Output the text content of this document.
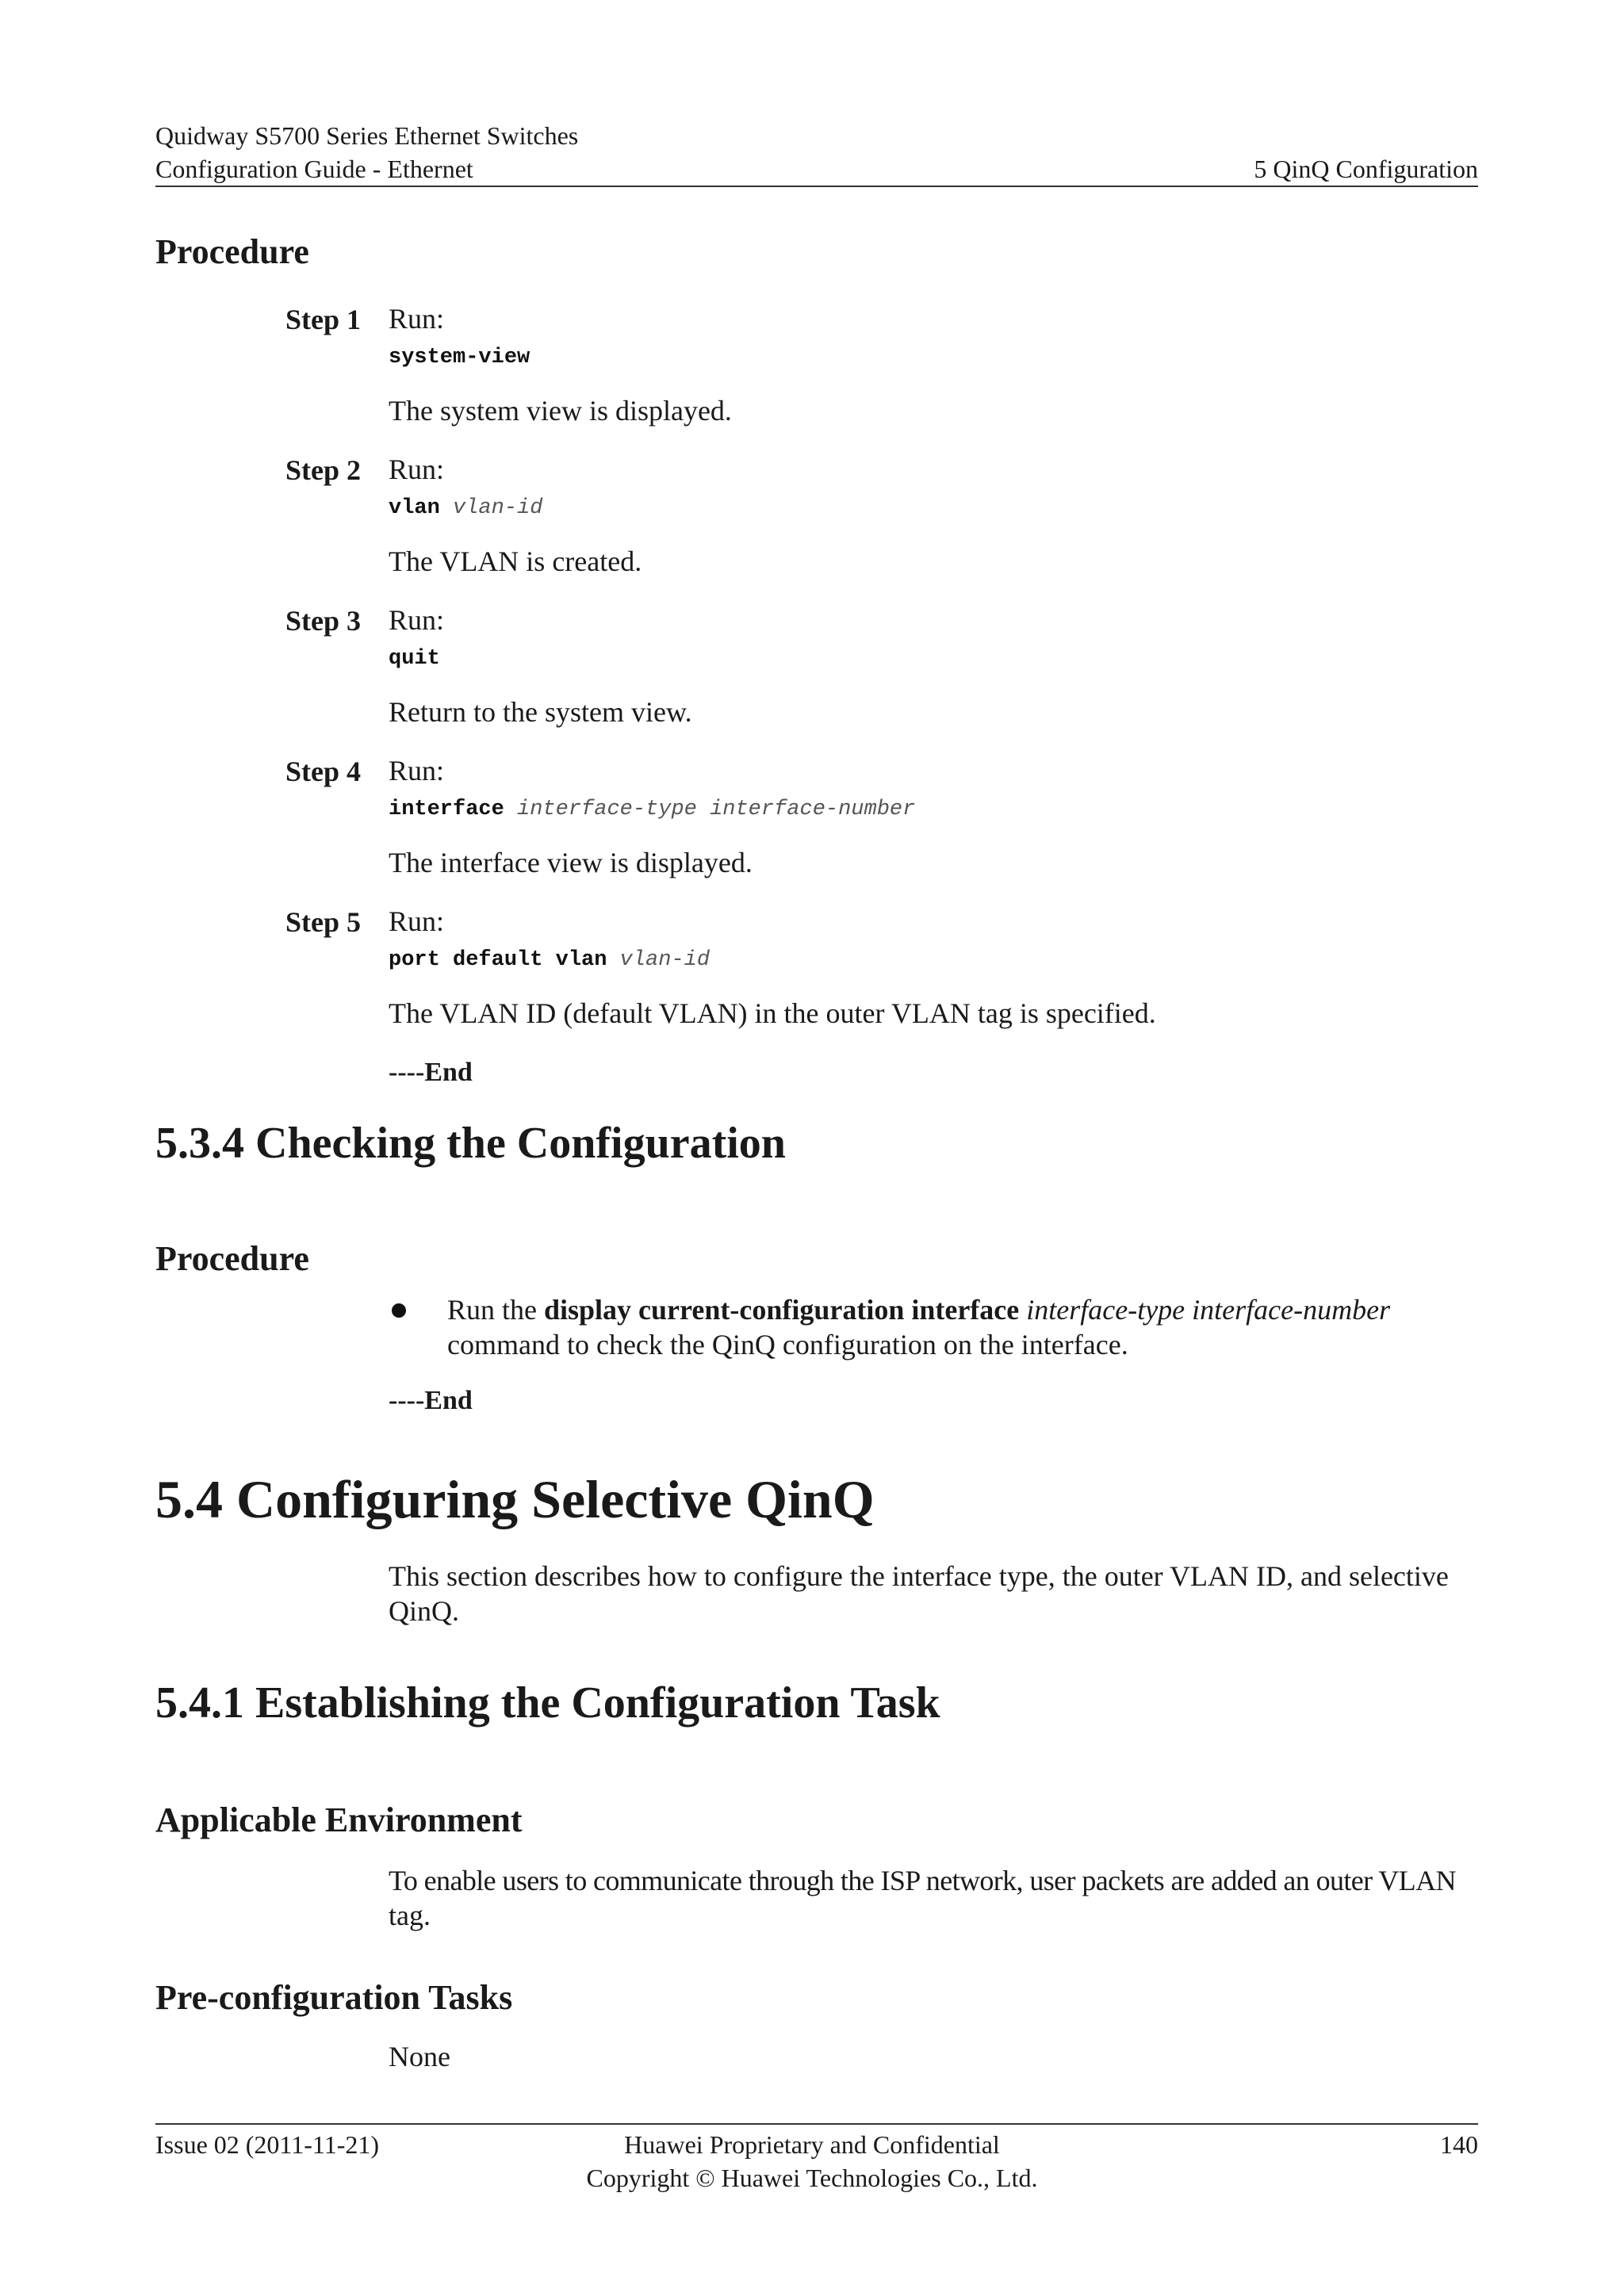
Quidway S5700 Series Ethernet Switches
Configuration Guide - Ethernet	5 QinQ Configuration
Procedure
Step 1 Run:
system-view
The system view is displayed.
Step 2 Run:
vlan vlan-id
The VLAN is created.
Step 3 Run:
quit
Return to the system view.
Step 4 Run:
interface interface-type interface-number
The interface view is displayed.
Step 5 Run:
port default vlan vlan-id
The VLAN ID (default VLAN) in the outer VLAN tag is specified.
----End
5.3.4 Checking the Configuration
Procedure
Run the display current-configuration interface interface-type interface-number
command to check the QinQ configuration on the interface.
----End
5.4 Configuring Selective QinQ
This section describes how to configure the interface type, the outer VLAN ID, and selective
QinQ.
5.4.1 Establishing the Configuration Task
Applicable Environment
To enable users to communicate through the ISP network, user packets are added an outer VLAN
tag.
Pre-configuration Tasks
None
Issue 02 (2011-11-21)	Huawei Proprietary and Confidential
Copyright © Huawei Technologies Co., Ltd.
140
